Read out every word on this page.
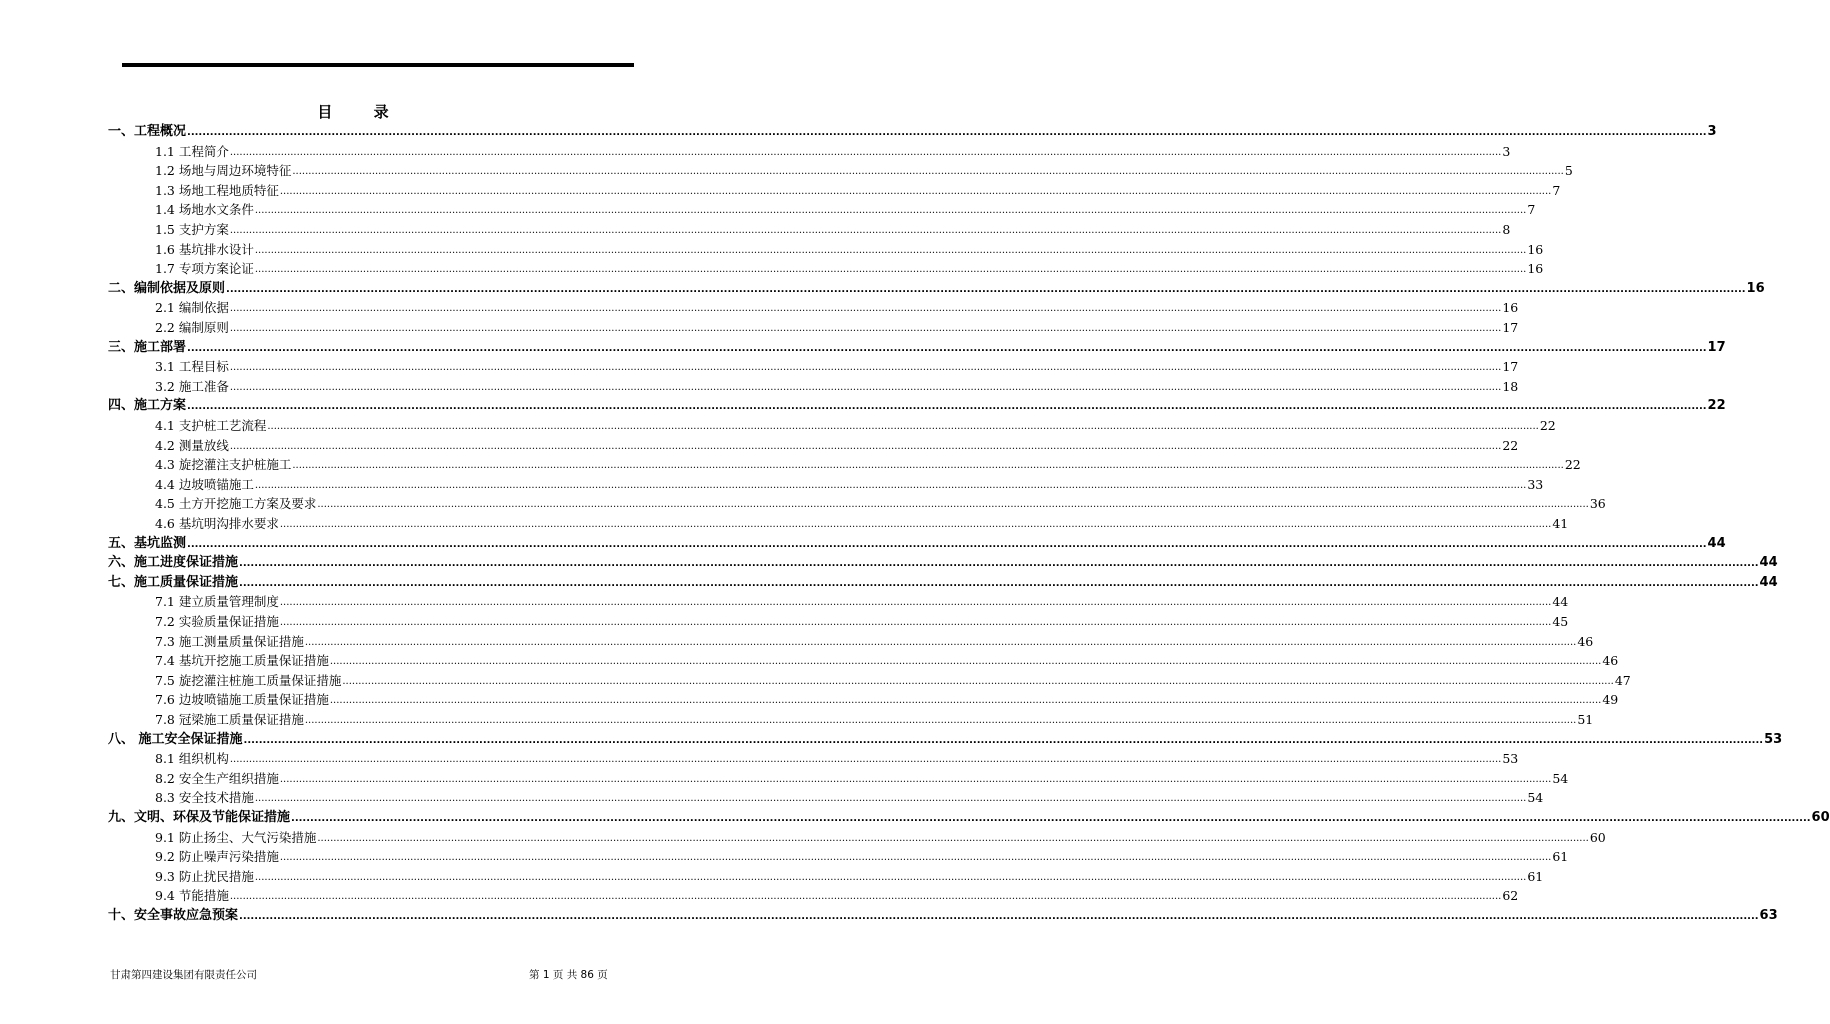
目 录
一、工程概况 ................................................................................................................................................................................................................................................................................................................................................................................................................ 3
1.1 工程简介 ................................................................................................................................................................................................................................................................................................................................................................................................................ 3
1.2 场地与周边环境特征 ................................................................................................................................................................................................................................................................................................................................................................................................................ 5
1.3 场地工程地质特征 ................................................................................................................................................................................................................................................................................................................................................................................................................ 7
1.4 场地水文条件 ................................................................................................................................................................................................................................................................................................................................................................................................................ 7
1.5 支护方案 ................................................................................................................................................................................................................................................................................................................................................................................................................ 8
1.6 基坑排水设计 ................................................................................................................................................................................................................................................................................................................................................................................................................ 16
1.7 专项方案论证 ................................................................................................................................................................................................................................................................................................................................................................................................................ 16
二、编制依据及原则 ................................................................................................................................................................................................................................................................................................................................................................................................................ 16
2.1 编制依据 ................................................................................................................................................................................................................................................................................................................................................................................................................ 16
2.2 编制原则 ................................................................................................................................................................................................................................................................................................................................................................................................................ 17
三、施工部署 ................................................................................................................................................................................................................................................................................................................................................................................................................ 17
3.1 工程目标 ................................................................................................................................................................................................................................................................................................................................................................................................................ 17
3.2 施工准备 ................................................................................................................................................................................................................................................................................................................................................................................................................ 18
四、施工方案 ................................................................................................................................................................................................................................................................................................................................................................................................................ 22
4.1 支护桩工艺流程 ................................................................................................................................................................................................................................................................................................................................................................................................................ 22
4.2 测量放线 ................................................................................................................................................................................................................................................................................................................................................................................................................ 22
4.3 旋挖灌注支护桩施工 ................................................................................................................................................................................................................................................................................................................................................................................................................ 22
4.4 边坡喷锚施工 ................................................................................................................................................................................................................................................................................................................................................................................................................ 33
4.5 土方开挖施工方案及要求 ................................................................................................................................................................................................................................................................................................................................................................................................................ 36
4.6 基坑明沟排水要求 ................................................................................................................................................................................................................................................................................................................................................................................................................ 41
五、基坑监测 ................................................................................................................................................................................................................................................................................................................................................................................................................ 44
六、施工进度保证措施 ................................................................................................................................................................................................................................................................................................................................................................................................................ 44
七、施工质量保证措施 ................................................................................................................................................................................................................................................................................................................................................................................................................ 44
7.1 建立质量管理制度 ................................................................................................................................................................................................................................................................................................................................................................................................................ 44
7.2 实验质量保证措施 ................................................................................................................................................................................................................................................................................................................................................................................................................ 45
7.3 施工测量质量保证措施 ................................................................................................................................................................................................................................................................................................................................................................................................................ 46
7.4 基坑开挖施工质量保证措施 ................................................................................................................................................................................................................................................................................................................................................................................................................ 46
7.5 旋挖灌注桩施工质量保证措施 ................................................................................................................................................................................................................................................................................................................................................................................................................ 47
7.6 边坡喷锚施工质量保证措施 ................................................................................................................................................................................................................................................................................................................................................................................................................ 49
7.8 冠梁施工质量保证措施 ................................................................................................................................................................................................................................................................................................................................................................................................................ 51
八、 施工安全保证措施 ................................................................................................................................................................................................................................................................................................................................................................................................................ 53
8.1 组织机构 ................................................................................................................................................................................................................................................................................................................................................................................................................ 53
8.2 安全生产组织措施 ................................................................................................................................................................................................................................................................................................................................................................................................................ 54
8.3 安全技术措施 ................................................................................................................................................................................................................................................................................................................................................................................................................ 54
九、文明、环保及节能保证措施 ................................................................................................................................................................................................................................................................................................................................................................................................................ 60
9.1 防止扬尘、大气污染措施 ................................................................................................................................................................................................................................................................................................................................................................................................................ 60
9.2 防止噪声污染措施 ................................................................................................................................................................................................................................................................................................................................................................................................................ 61
9.3 防止扰民措施 ................................................................................................................................................................................................................................................................................................................................................................................................................ 61
9.4 节能措施 ................................................................................................................................................................................................................................................................................................................................................................................................................ 62
十、安全事故应急预案 ................................................................................................................................................................................................................................................................................................................................................................................................................ 63
甘肃第四建设集团有限责任公司	第 1 页 共 86 页
